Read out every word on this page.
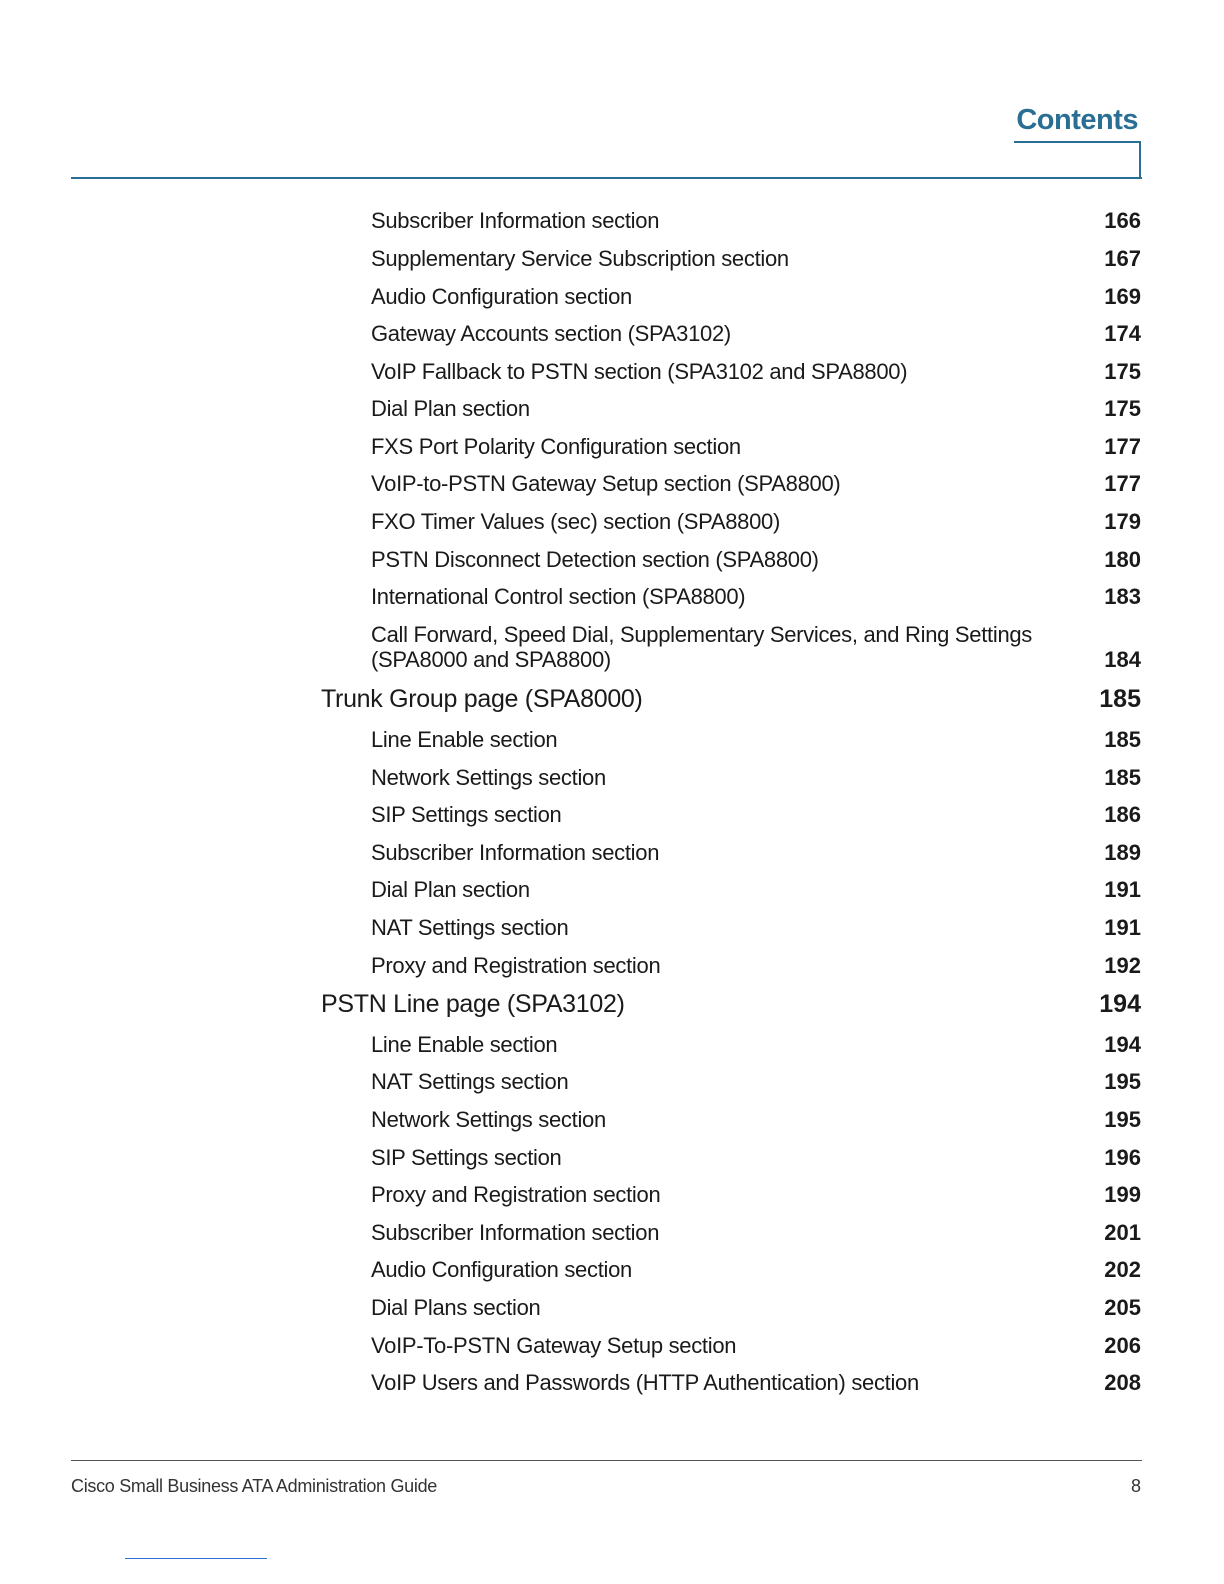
Contents
Subscriber Information section	166
Supplementary Service Subscription section	167
Audio Configuration section	169
Gateway Accounts section (SPA3102)	174
VoIP Fallback to PSTN section (SPA3102 and SPA8800)	175
Dial Plan section	175
FXS Port Polarity Configuration section	177
VoIP-to-PSTN Gateway Setup section (SPA8800)	177
FXO Timer Values (sec) section (SPA8800)	179
PSTN Disconnect Detection section (SPA8800)	180
International Control section (SPA8800)	183
Call Forward, Speed Dial, Supplementary Services, and Ring Settings
(SPA8000 and SPA8800)	184
Trunk Group page (SPA8000)	185
Line Enable section	185
Network Settings section	185
SIP Settings section	186
Subscriber Information section	189
Dial Plan section	191
NAT Settings section	191
Proxy and Registration section	192
PSTN Line page (SPA3102)	194
Line Enable section	194
NAT Settings section	195
Network Settings section	195
SIP Settings section	196
Proxy and Registration section	199
Subscriber Information section	201
Audio Configuration section	202
Dial Plans section	205
VoIP-To-PSTN Gateway Setup section	206
VoIP Users and Passwords (HTTP Authentication) section	208
Cisco Small Business ATA Administration Guide	8
